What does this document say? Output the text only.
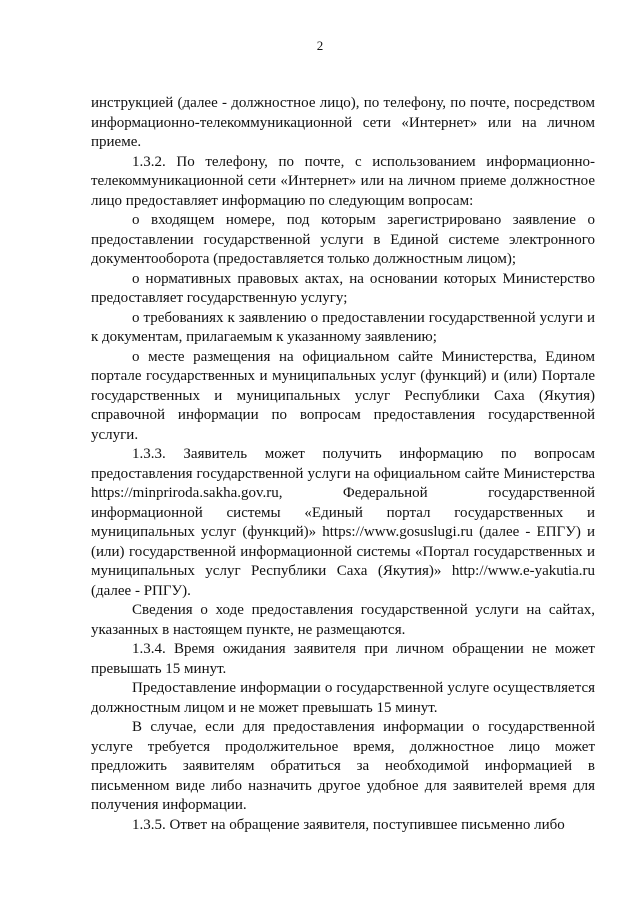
2

инструкцией (далее - должностное лицо), по телефону, по почте, посредством информационно-телекоммуникационной сети «Интернет» или на личном приеме.

1.3.2. По телефону, по почте, с использованием информационно-телекоммуникационной сети «Интернет» или на личном приеме должностное лицо предоставляет информацию по следующим вопросам:

о входящем номере, под которым зарегистрировано заявление о предоставлении государственной услуги в Единой системе электронного документооборота (предоставляется только должностным лицом);

о нормативных правовых актах, на основании которых Министерство предоставляет государственную услугу;

о требованиях к заявлению о предоставлении государственной услуги и к документам, прилагаемым к указанному заявлению;

о месте размещения на официальном сайте Министерства, Едином портале государственных и муниципальных услуг (функций) и (или) Портале государственных и муниципальных услуг Республики Саха (Якутия) справочной информации по вопросам предоставления государственной услуги.

1.3.3. Заявитель может получить информацию по вопросам предоставления государственной услуги на официальном сайте Министерства https://minpriroda.sakha.gov.ru, Федеральной государственной информационной системы «Единый портал государственных и муниципальных услуг (функций)» https://www.gosuslugi.ru (далее - ЕПГУ) и (или) государственной информационной системы «Портал государственных и муниципальных услуг Республики Саха (Якутия)» http://www.e-yakutia.ru (далее - РПГУ).

Сведения о ходе предоставления государственной услуги на сайтах, указанных в настоящем пункте, не размещаются.

1.3.4. Время ожидания заявителя при личном обращении не может превышать 15 минут.

Предоставление информации о государственной услуге осуществляется должностным лицом и не может превышать 15 минут.

В случае, если для предоставления информации о государственной услуге требуется продолжительное время, должностное лицо может предложить заявителям обратиться за необходимой информацией в письменном виде либо назначить другое удобное для заявителей время для получения информации.

1.3.5. Ответ на обращение заявителя, поступившее письменно либо
